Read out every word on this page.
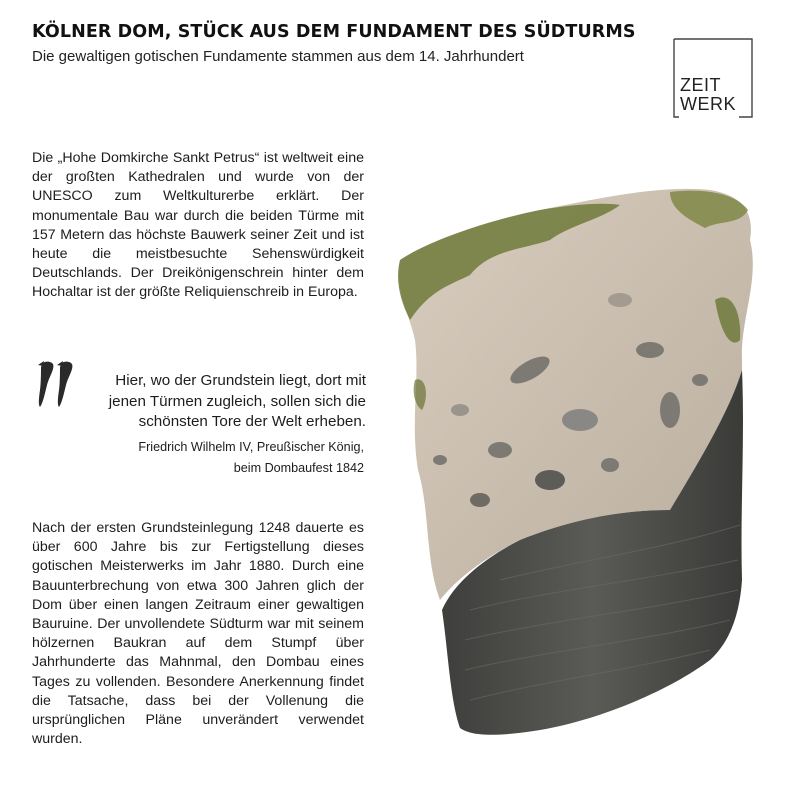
KÖLNER DOM, STÜCK AUS DEM FUNDAMENT DES SÜDTURMS

Die gewaltigen gotischen Fundamente stammen aus dem 14. Jahrhundert

ZEIT
WERK

Die „Hohe Domkirche Sankt Petrus“ ist weltweit eine der großten Kathedralen und wurde von der UNESCO zum Weltkulturerbe erklärt. Der monumentale Bau war durch die beiden Türme mit 157 Metern das höchste Bauwerk seiner Zeit und ist heute die meistbesuchte Sehenswürdigkeit Deutschlands. Der Dreikönigenschrein hinter dem Hochaltar ist der größte Reliquienschreib in Europa.

Hier, wo der Grundstein liegt, dort mit jenen Türmen zugleich, sollen sich die schönsten Tore der Welt erheben.

Friedrich Wilhelm IV, Preußischer König,
beim Dombaufest 1842

Nach der ersten Grundsteinlegung 1248 dauerte es über 600 Jahre bis zur Fertigstellung dieses gotischen Meisterwerks im Jahr 1880. Durch eine Bauunterbrechung von etwa 300 Jahren glich der Dom über einen langen Zeitraum einer gewaltigen Bauruine. Der unvollendete Südturm war mit seinem hölzernen Baukran auf dem Stumpf über Jahrhunderte das Mahnmal, den Dombau eines Tages zu vollenden. Besondere Anerkennung findet die Tatsache, dass bei der Vollenung die ursprünglichen Pläne unverändert verwendet wurden.
